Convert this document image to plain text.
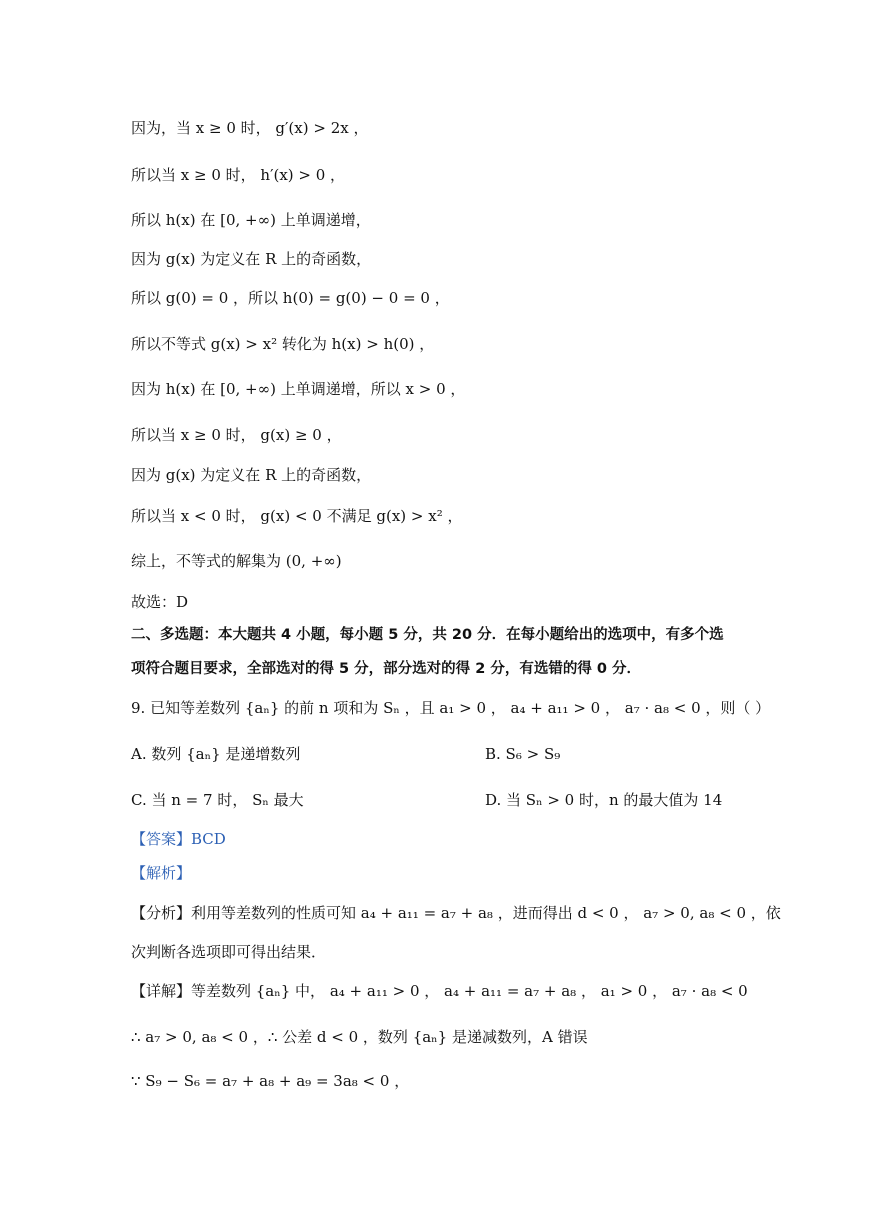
因为，当 x ≥ 0 时， g′(x) > 2x ，
所以当 x ≥ 0 时， h′(x) > 0 ，
所以 h(x) 在 [0, +∞) 上单调递增，
因为 g(x) 为定义在 R 上的奇函数，
所以 g(0) = 0 ，所以 h(0) = g(0) − 0 = 0 ，
所以不等式 g(x) > x² 转化为 h(x) > h(0) ，
因为 h(x) 在 [0, +∞) 上单调递增，所以 x > 0 ，
所以当 x ≥ 0 时， g(x) ≥ 0 ，
因为 g(x) 为定义在 R 上的奇函数，
所以当 x < 0 时， g(x) < 0 不满足 g(x) > x² ，
综上，不等式的解集为 (0, +∞)
故选：D
二、多选题：本大题共 4 小题，每小题 5 分，共 20 分．在每小题给出的选项中，有多个选
项符合题目要求，全部选对的得 5 分，部分选对的得 2 分，有选错的得 0 分．
9. 已知等差数列 {aₙ} 的前 n 项和为 Sₙ ，且 a₁ > 0 ， a₄ + a₁₁ > 0 ， a₇ · a₈ < 0 ，则（ ）
A. 数列 {aₙ} 是递增数列	B. S₆ > S₉
C. 当 n = 7 时， Sₙ 最大	D. 当 Sₙ > 0 时，n 的最大值为 14
【答案】BCD
【解析】
【分析】利用等差数列的性质可知 a₄ + a₁₁ = a₇ + a₈ ，进而得出 d < 0 ， a₇ > 0, a₈ < 0 ，依
次判断各选项即可得出结果．
【详解】等差数列 {aₙ} 中， a₄ + a₁₁ > 0 ， a₄ + a₁₁ = a₇ + a₈ ， a₁ > 0 ， a₇ · a₈ < 0
∴ a₇ > 0, a₈ < 0 ，∴ 公差 d < 0 ，数列 {aₙ} 是递减数列，A 错误
∵ S₉ − S₆ = a₇ + a₈ + a₉ = 3a₈ < 0 ，
